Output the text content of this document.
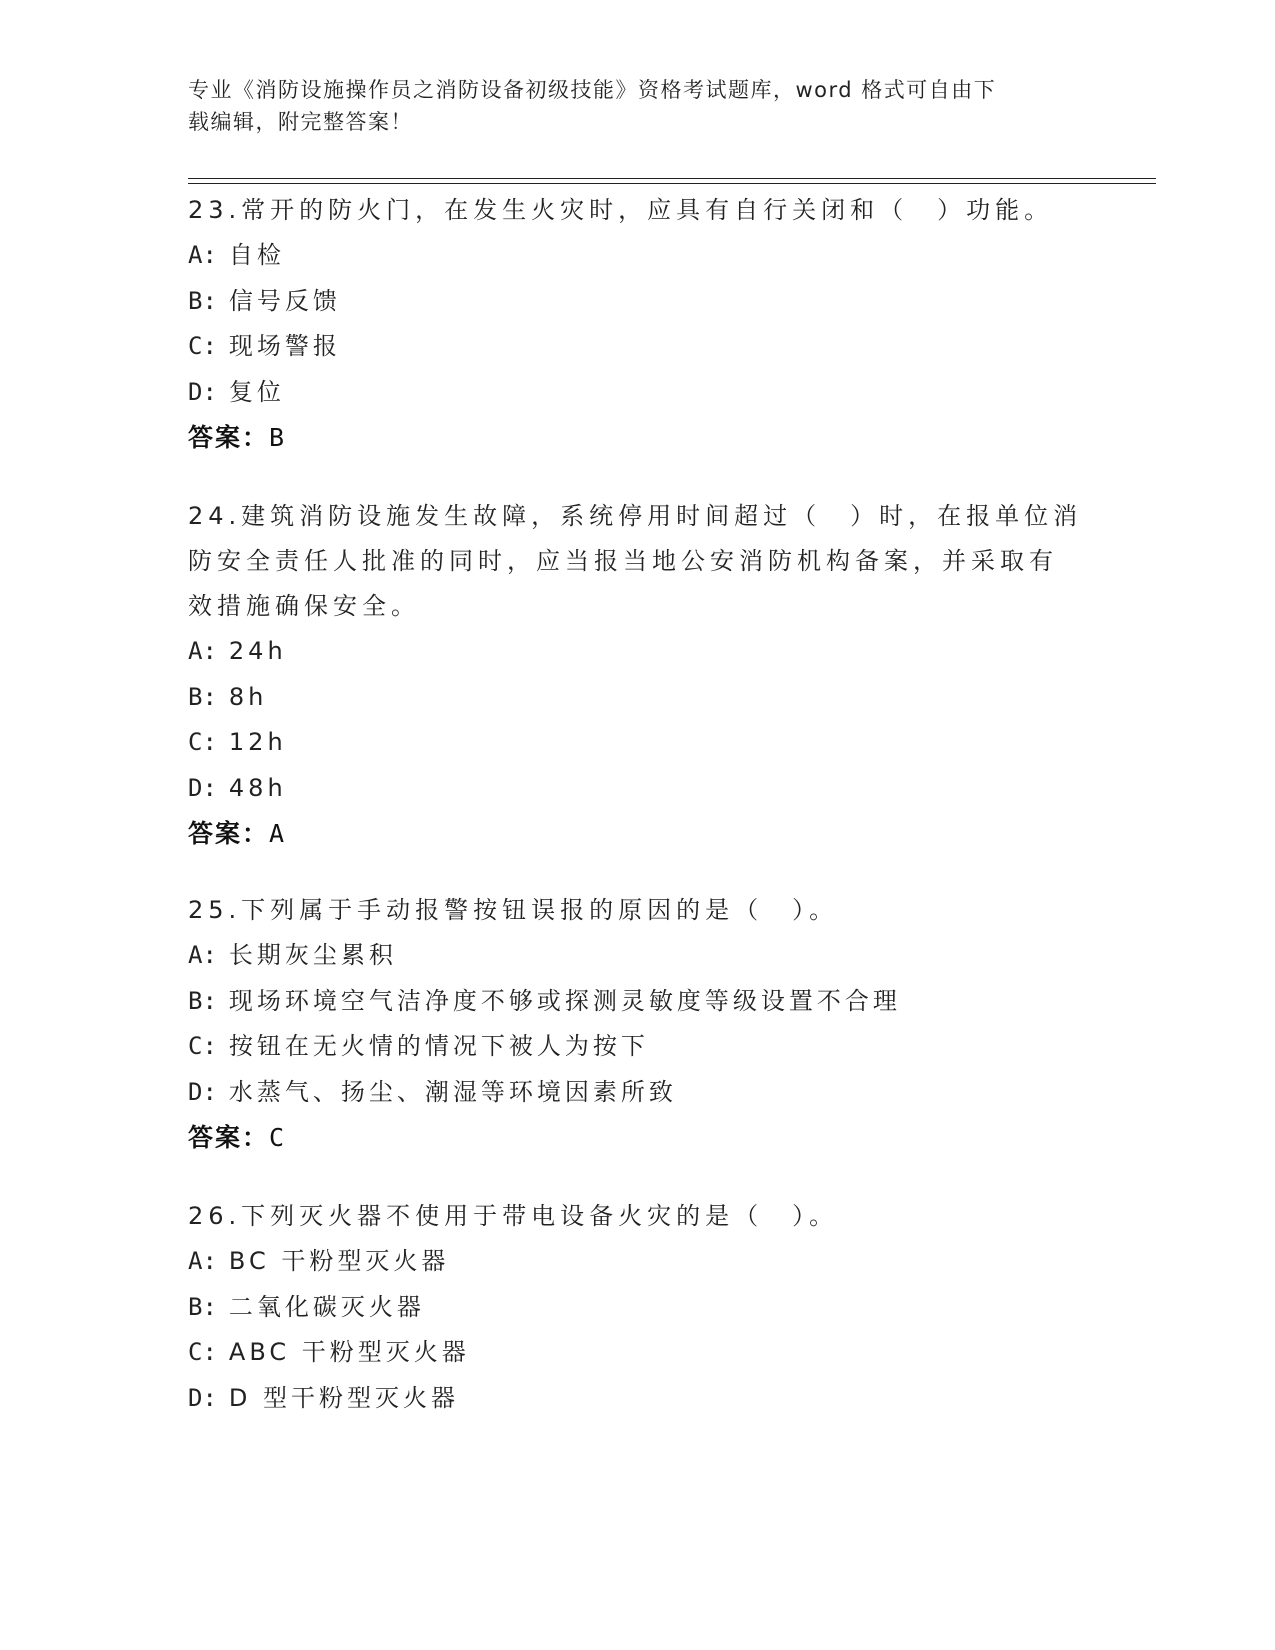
专业《消防设施操作员之消防设备初级技能》资格考试题库，word 格式可自由下
载编辑，附完整答案！
23.常开的防火门，在发生火灾时，应具有自行关闭和（　）功能。
A: 自检
B: 信号反馈
C: 现场警报
D: 复位
答案：B
24.建筑消防设施发生故障，系统停用时间超过（　）时，在报单位消
防安全责任人批准的同时，应当报当地公安消防机构备案，并采取有
效措施确保安全。
A: 24h
B: 8h
C: 12h
D: 48h
答案：A
25.下列属于手动报警按钮误报的原因的是（　）。
A: 长期灰尘累积
B: 现场环境空气洁净度不够或探测灵敏度等级设置不合理
C: 按钮在无火情的情况下被人为按下
D: 水蒸气、扬尘、潮湿等环境因素所致
答案：C
26.下列灭火器不使用于带电设备火灾的是（　）。
A: BC 干粉型灭火器
B: 二氧化碳灭火器
C: ABC 干粉型灭火器
D: D 型干粉型灭火器
